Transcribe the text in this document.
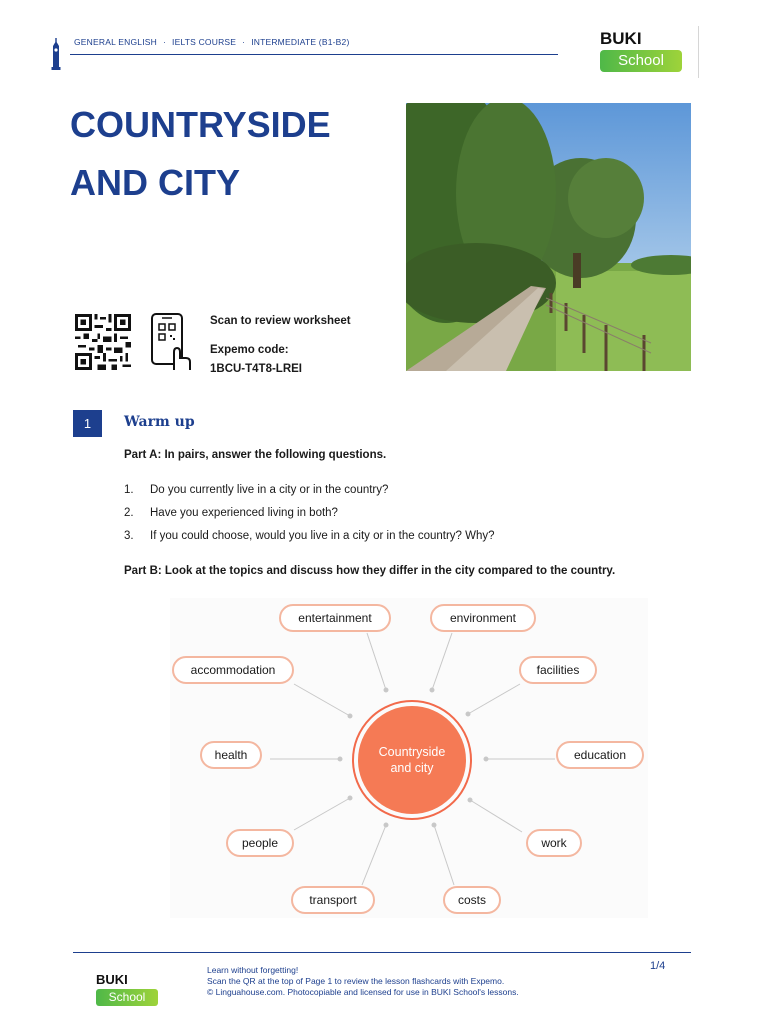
GENERAL ENGLISH · IELTS COURSE · INTERMEDIATE (B1-B2)	BUKI
School
COUNTRYSIDE
AND CITY
Scan to review worksheet
Expemo code:
1BCU-T4T8-LREI
1	Warm up
Part A: In pairs, answer the following questions.
1.	Do you currently live in a city or in the country?
2.	Have you experienced living in both?
3.	If you could choose, would you live in a city or in the country? Why?
Part B: Look at the topics and discuss how they differ in the city compared to the country.
Countryside and city
entertainment	environment
accommodation	facilities
health	education
people	work
transport	costs
BUKI
School
Learn without forgetting!
Scan the QR at the top of Page 1 to review the lesson flashcards with Expemo.
© Linguahouse.com. Photocopiable and licensed for use in BUKI School's lessons.
1/4
